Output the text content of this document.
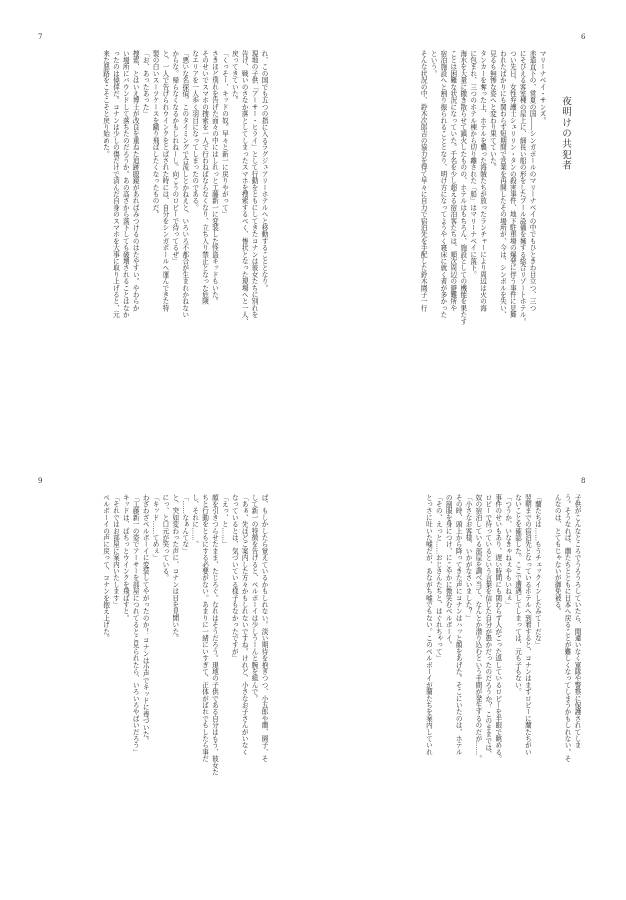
7
れ、この国でも五つの指に入るラグジュアリーホテルへと移動することとなり。
現地の子供「アーサー・ヒライ」として行動をともにしてきたコナンは彼女たちに別れを
告げ、戦いのさなか落としてしまったスマホを捜索するべく、惨状となった現場へと一人、
戻ってきていた。
「くっそー、キッドの奴。早々と新一に戻りやがって」
さきほど別れを告げた面々の中にはしれっと工藤新一に変装した怪盗キッドもいた。
そのせいでスマホの捜索を一人で行わねばならなくなり、立ち入り禁止となった危険
なエリアを一人歩く羽目になってしまったのである。
「悪いな名探偵。このタイミングで合流しとかねえと、いろいろ不都合が生まれかねない
からな。帰らなくなるかもしれねーし。向こうのロビーで待ってるぜ」
と、一人で告げられウインクをとばされた時には、自分をシンガポールへ運んできた特
製の白いスーツケースを蹴り飛ばしたくなったものだ。
「お、あったあった」
捜索、とはいえ博士が改良を重ねた追跡眼鏡があればみつけるのはたやすい。やわらか
い場所にバウンドして落ちたのだろうか。あの高さから落下しても破壊されることはなか
ったのは僥倖だ。コナンは少しの傷だけで済んだ自身のスマホを大事に取り上げると、元
来た悪路をこそこそと戻り始めた。
6
夜明けの共犯者
マリーナベイ・サンズ。
赤道直下の、常夏の国――シンガポールのマリーナベイの中でもひときわ目立つ、三つ
にそびえる客室棟の屋上に、細長い船の形をしたプール設備を擁する総合リゾートホテル。
つい先日、女性弁護士シェリリン・タンの殺害事件、地下駐車場の爆発に伴う事件に見舞
われたばかりにも関わらず短期間で営業を再開したその場所が、今は、シンボルを失い、
見るも無惨な姿へと変わり果てていた。
タンカーを奪った上、ホテルを襲った海賊たちが放ったランチャーにより周辺は火の海
に包まれ、三つのホテル棟から切り離された「船」はマリーナベイに落下。
海水を大量に撒き散らせて鎮火したものの、ホテルはもちろん、施設としての機能を果たす
ことは困難な状況になっていた。千名を少し超える宿泊客たちは、順次周辺の避難所や
宿泊施設へと割り振られることとなり、明け方になってようやく寝床に就く者が多かった
という。
そんな状況の中、鈴木次郎吉の協力を得て早々に自力で宿泊先を手配した鈴木園子一行
9
ば、もしかしたら覚えているかもしれない。淡い期待を抱きつつ、小五郎や蘭、園子、そ
して新一の特徴を告げると、ベルボーイは少しうーんと腕を組んで。
「あぁ、先ほどご案内した方々かもしれないですね。けれど、小さなお子さんがいなく
なっているとは、気づいている様子もなかったですが」
「えっ、と……」
顔を引きつらせたまま、たじろぐ。なれはそうだろう。現地の子供である自分はもう、彼女た
ちと行動をともにする必要がない。あまりに一緒にいすぎて、正体がばれでもしたら事だ
し、それに……。
「……なぁんてな」
と、突如変わった声に、コナンは目を見開いた。
にっ、と口元が笑っている。
「キッド……てめぇ」
わざわざベルボーイに変装してやがったのか！ コナンは小声でキッドに毒づいた。
「工藤新一の姿でアーサーを部屋につれてるとこ見られたら、いろいろやばいだろう」
キッドは、ぱちっとウインクを飛ばすと。
「それではお部屋に案内いたします」
ベルボーイの声に戻って、コナンを抱え上げた。
8
子供がこんなところでうろうろしていたら、間違いなく軍隊や警察に保護されてしま
う。そうなれば、蘭たちとともに日本へ戻ることが難しくなってしまうかもしれない。そ
んなのは、とてもじゃないが御免被る。

「蘭たちは……もうチェックインしたみてーだな」
翌朝までの宿泊先となっているホテルへ到着すると、コナンはまずロビーに蘭たちがい
ないことを確認した。ここで遭遇してしまっては、元も子もない。
「つうか、いなきゃねぇやもいねぇ」
事件のせいもあり、遅い時間にも関わらず人がごった返しているロビーを半眼で眺める。
ロビーで待っているという言葉を信じた自分が愚かだったのだろうか？ このままでは、
奴の宿泊している部屋を調べ当て、なんとか潜り込むという手間が発生するのだが……。
「小さなお客様、いかがなさいました？」
その時、頭上から降ってきた声にコナンはハッと顔をあげた。そこにいたのは、ホテル
の制服を身につけ、にこやかに微笑むベルボーイ。
「その、えっと……おじさんたちと、はぐれちゃって」
とっさに吐いた嘘だが、あながち嘘でもない。このベルボーイが蘭たちを案内していれ
